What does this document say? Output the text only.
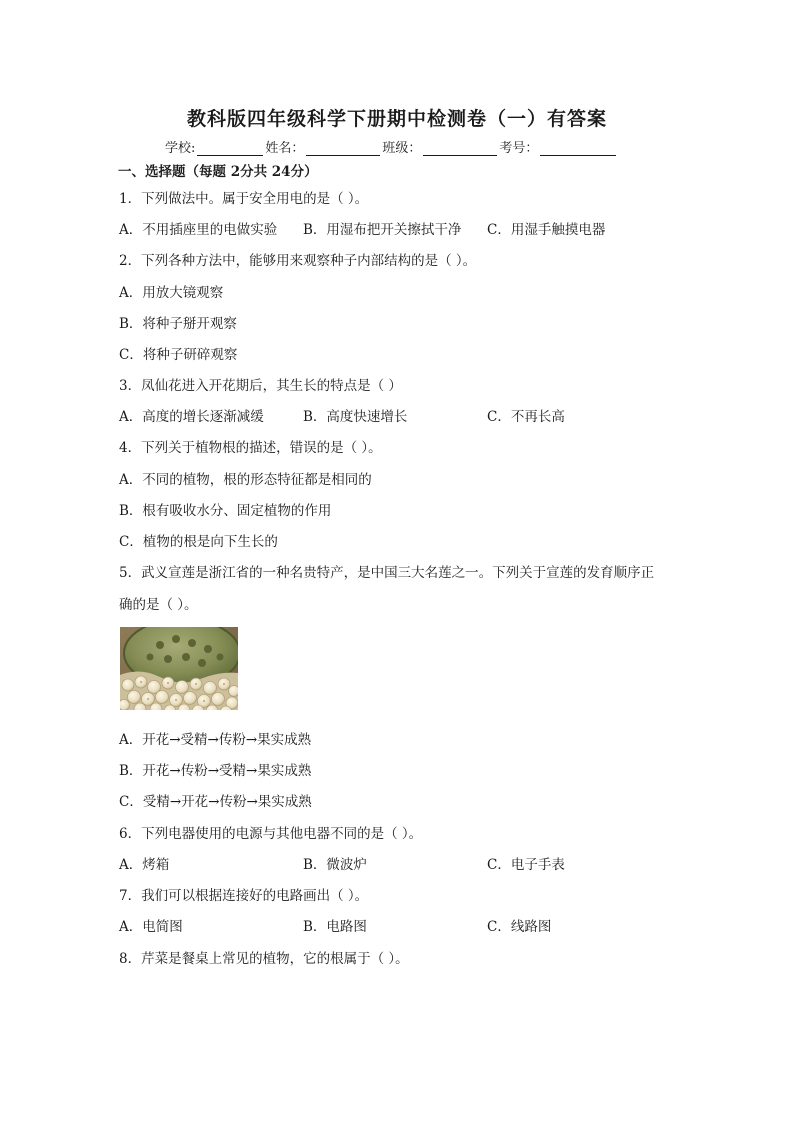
教科版四年级科学下册期中检测卷（一）有答案
学校:	姓名：	班级：	考号：
一、选择题（每题 2分共 24分）
1．下列做法中。属于安全用电的是（ ）。
A．不用插座里的电做实验 B．用湿布把开关擦拭干净 C．用湿手触摸电器
2．下列各种方法中，能够用来观察种子内部结构的是（ ）。
A．用放大镜观察
B．将种子掰开观察
C．将种子研碎观察
3．凤仙花进入开花期后，其生长的特点是（ ）
A．高度的增长逐渐减缓	B．高度快速增长	C．不再长高
4．下列关于植物根的描述，错误的是（ ）。
A．不同的植物，根的形态特征都是相同的
B．根有吸收水分、固定植物的作用
C．植物的根是向下生长的
5．武义宣莲是浙江省的一种名贵特产，是中国三大名莲之一。下列关于宣莲的发育顺序正
确的是（ ）。
A．开花→受精→传粉→果实成熟
B．开花→传粉→受精→果实成熟
C．受精→开花→传粉→果实成熟
6．下列电器使用的电源与其他电器不同的是（ ）。
A．烤箱	B．微波炉	C．电子手表
7．我们可以根据连接好的电路画出（ ）。
A．电简图	B．电路图	C．线路图
8．芹菜是餐桌上常见的植物，它的根属于（ ）。
